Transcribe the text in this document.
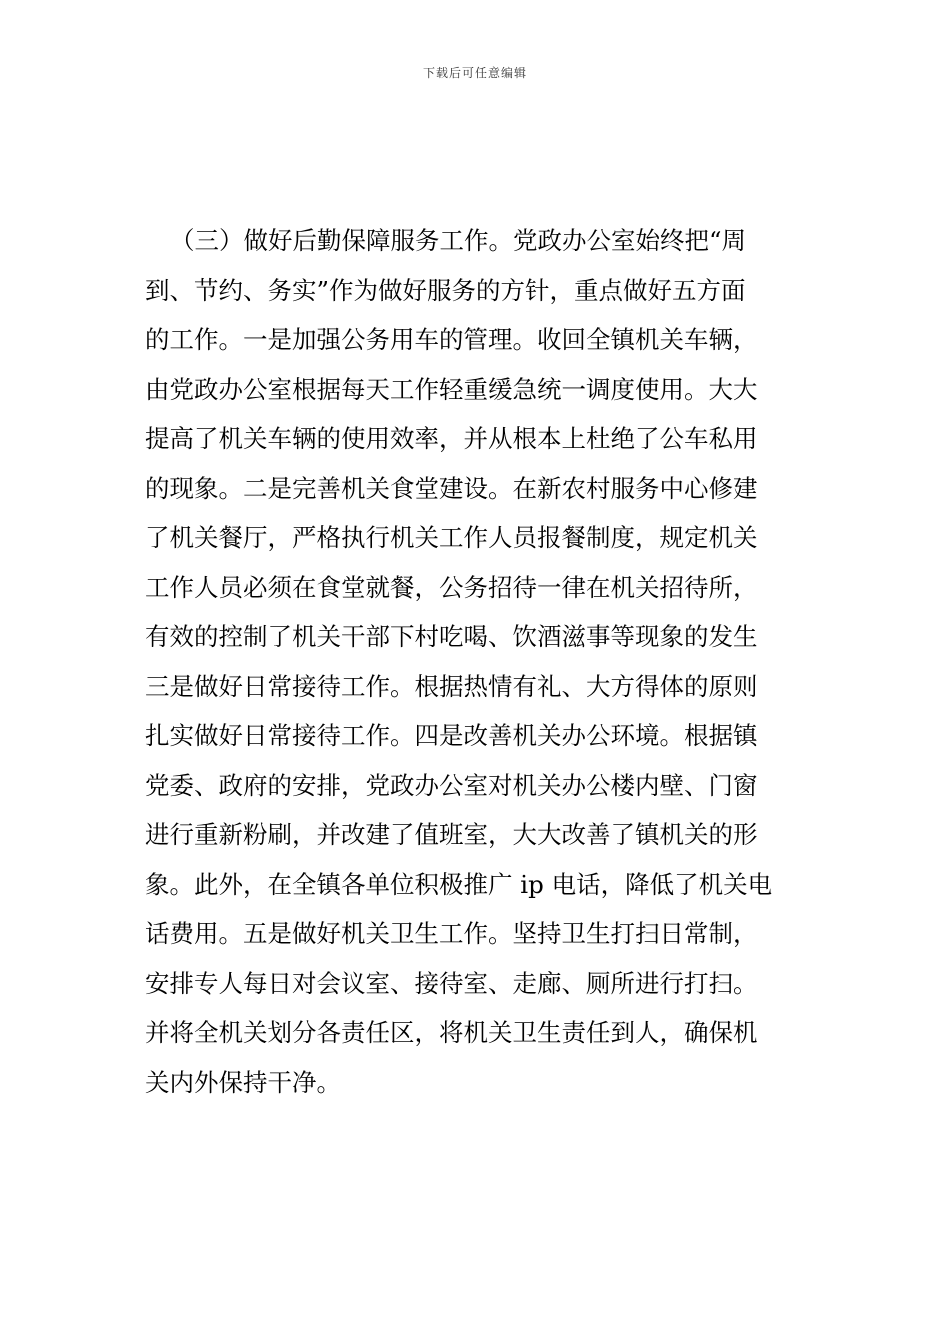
下载后可任意编辑
（三）做好后勤保障服务工作。党政办公室始终把“周
到、节约、务实”作为做好服务的方针，重点做好五方面
的工作。一是加强公务用车的管理。收回全镇机关车辆，
由党政办公室根据每天工作轻重缓急统一调度使用。大大
提高了机关车辆的使用效率，并从根本上杜绝了公车私用
的现象。二是完善机关食堂建设。在新农村服务中心修建
了机关餐厅，严格执行机关工作人员报餐制度，规定机关
工作人员必须在食堂就餐，公务招待一律在机关招待所，
有效的控制了机关干部下村吃喝、饮酒滋事等现象的发生
三是做好日常接待工作。根据热情有礼、大方得体的原则
扎实做好日常接待工作。四是改善机关办公环境。根据镇
党委、政府的安排，党政办公室对机关办公楼内壁、门窗
进行重新粉刷，并改建了值班室，大大改善了镇机关的形
象。此外，在全镇各单位积极推广 ip 电话，降低了机关电
话费用。五是做好机关卫生工作。坚持卫生打扫日常制，
安排专人每日对会议室、接待室、走廊、厕所进行打扫。
并将全机关划分各责任区，将机关卫生责任到人，确保机
关内外保持干净。
